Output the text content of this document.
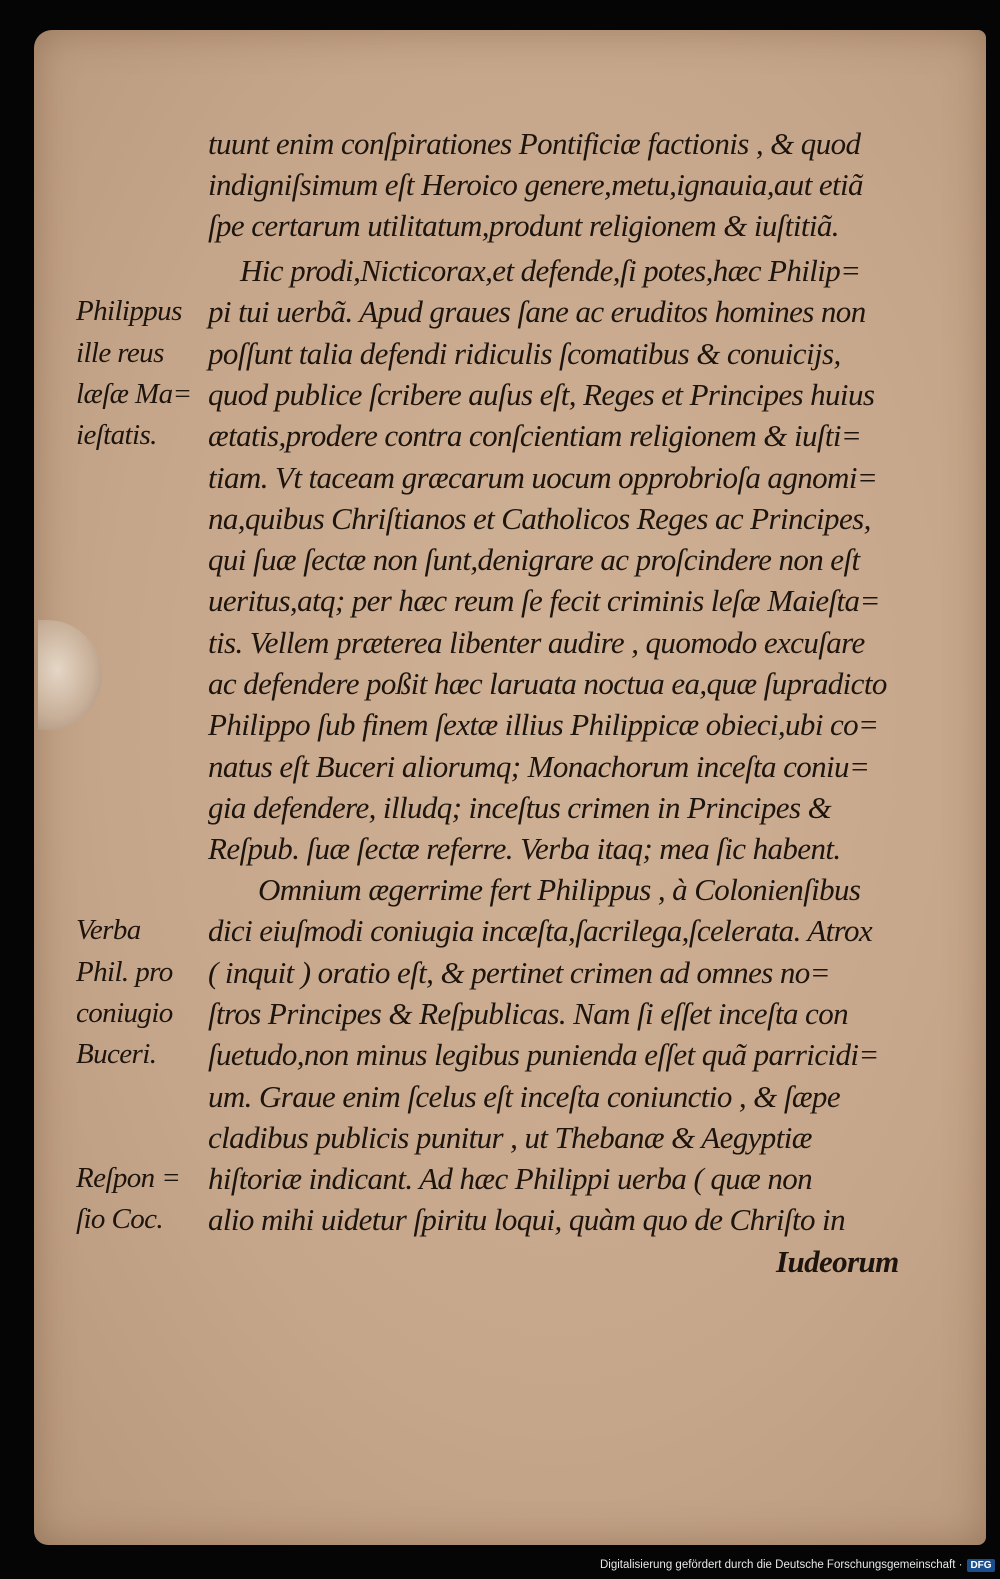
tuunt enim conſpirationes Pontificiæ factionis , & quod
indigniſsimum eſt Heroico genere,metu,ignauia,aut etiã
ſpe certarum utilitatum,produnt religionem & iuſtitiã.
Hic prodi,Nicticorax,et defende,ſi potes,hæc Philip=
pi tui uerbã. Apud graues ſane ac eruditos homines non
poſſunt talia defendi ridiculis ſcomatibus & conuicijs,
quod publice ſcribere auſus eſt, Reges et Principes huius
ætatis,prodere contra conſcientiam religionem & iuſti=
tiam. Vt taceam græcarum uocum opprobrioſa agnomi=
na,quibus Chriſtianos et Catholicos Reges ac Principes,
qui ſuæ ſectæ non ſunt,denigrare ac proſcindere non eſt
ueritus,atq; per hæc reum ſe fecit criminis leſæ Maieſta=
tis. Vellem præterea libenter audire , quomodo excuſare
ac defendere poßit hæc laruata noctua ea,quæ ſupradicto
Philippo ſub finem ſextæ illius Philippicæ obieci,ubi co=
natus eſt Buceri aliorumq; Monachorum inceſta coniu=
gia defendere, illudq; inceſtus crimen in Principes &
Reſpub. ſuæ ſectæ referre. Verba itaq; mea ſic habent.
Omnium ægerrime fert Philippus , à Colonienſibus
dici eiuſmodi coniugia incæſta,ſacrilega,ſcelerata. Atrox
( inquit ) oratio eſt, & pertinet crimen ad omnes no=
ſtros Principes & Reſpublicas. Nam ſi eſſet inceſta con
ſuetudo,non minus legibus punienda eſſet quã parricidi=
um. Graue enim ſcelus eſt inceſta coniunctio , & ſæpe
cladibus publicis punitur , ut Thebanæ & Aegyptiæ
hiſtoriæ indicant. Ad hæc Philippi uerba ( quæ non
alio mihi uidetur ſpiritu loqui, quàm quo de Chriſto in
Iudeorum
Philippus
ille reus
læſæ Ma=
ieſtatis.
Verba
Phil. pro
coniugio
Buceri.
Reſpon =
ſio Coc.
Digitalisierung gefördert durch die Deutsche Forschungsgemeinschaft · DFG
